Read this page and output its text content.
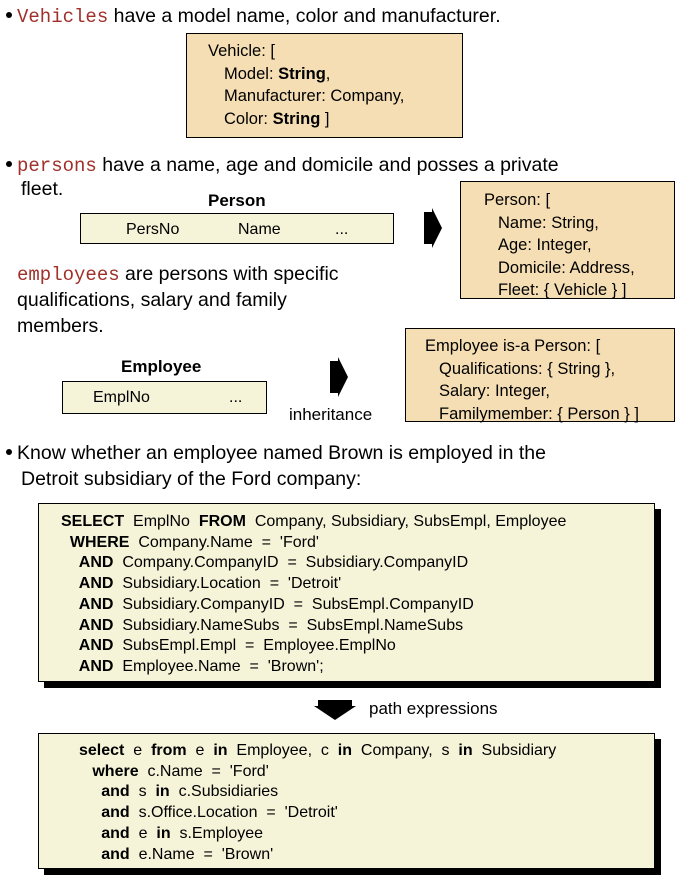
Vehicles have a model name, color and manufacturer.
Vehicle: [
Model: String,
Manufacturer: Company,
Color: String ]
persons have a name, age and domicile and posses a private
fleet.
Person
PersNo	Name	...
Person: [
Name: String,
Age: Integer,
Domicile: Address,
Fleet: { Vehicle } ]
employees are persons with specific
qualifications, salary and family
members.
Employee
EmplNo	...
inheritance
Employee is-a Person: [
Qualifications: { String },
Salary: Integer,
Familymember: { Person } ]
Know whether an employee named Brown is employed in the
Detroit subsidiary of the Ford company:
SELECT  EmplNo  FROM  Company, Subsidiary, SubsEmpl, Employee
WHERE  Company.Name  =  'Ford'
AND  Company.CompanyID  =  Subsidiary.CompanyID
AND  Subsidiary.Location  =  'Detroit'
AND  Subsidiary.CompanyID  =  SubsEmpl.CompanyID
AND  Subsidiary.NameSubs  =  SubsEmpl.NameSubs
AND  SubsEmpl.Empl  =  Employee.EmplNo
AND  Employee.Name  =  'Brown';
path expressions
select  e  from  e  in  Employee,  c  in  Company,  s  in  Subsidiary
where  c.Name  =  'Ford'
and  s  in  c.Subsidiaries
and  s.Office.Location  =  'Detroit'
and  e  in  s.Employee
and  e.Name  =  'Brown'
